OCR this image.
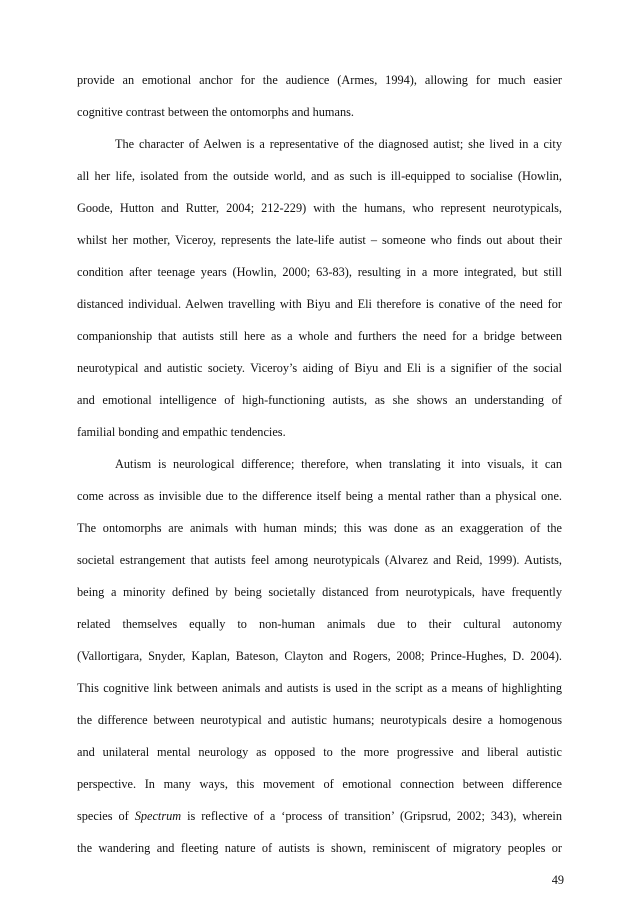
provide an emotional anchor for the audience (Armes, 1994), allowing for much easier
cognitive contrast between the ontomorphs and humans.
The character of Aelwen is a representative of the diagnosed autist; she lived in a city
all her life, isolated from the outside world, and as such is ill-equipped to socialise (Howlin,
Goode, Hutton and Rutter, 2004; 212-229) with the humans, who represent neurotypicals,
whilst her mother, Viceroy, represents the late-life autist – someone who finds out about their
condition after teenage years (Howlin, 2000; 63-83), resulting in a more integrated, but still
distanced individual. Aelwen travelling with Biyu and Eli therefore is conative of the need for
companionship that autists still here as a whole and furthers the need for a bridge between
neurotypical and autistic society. Viceroy’s aiding of Biyu and Eli is a signifier of the social
and emotional intelligence of high-functioning autists, as she shows an understanding of
familial bonding and empathic tendencies.
Autism is neurological difference; therefore, when translating it into visuals, it can
come across as invisible due to the difference itself being a mental rather than a physical one.
The ontomorphs are animals with human minds; this was done as an exaggeration of the
societal estrangement that autists feel among neurotypicals (Alvarez and Reid, 1999). Autists,
being a minority defined by being societally distanced from neurotypicals, have frequently
related themselves equally to non-human animals due to their cultural autonomy
(Vallortigara, Snyder, Kaplan, Bateson, Clayton and Rogers, 2008; Prince-Hughes, D. 2004).
This cognitive link between animals and autists is used in the script as a means of highlighting
the difference between neurotypical and autistic humans; neurotypicals desire a homogenous
and unilateral mental neurology as opposed to the more progressive and liberal autistic
perspective. In many ways, this movement of emotional connection between difference
species of Spectrum is reflective of a ‘process of transition’ (Gripsrud, 2002; 343), wherein
the wandering and fleeting nature of autists is shown, reminiscent of migratory peoples or
49
